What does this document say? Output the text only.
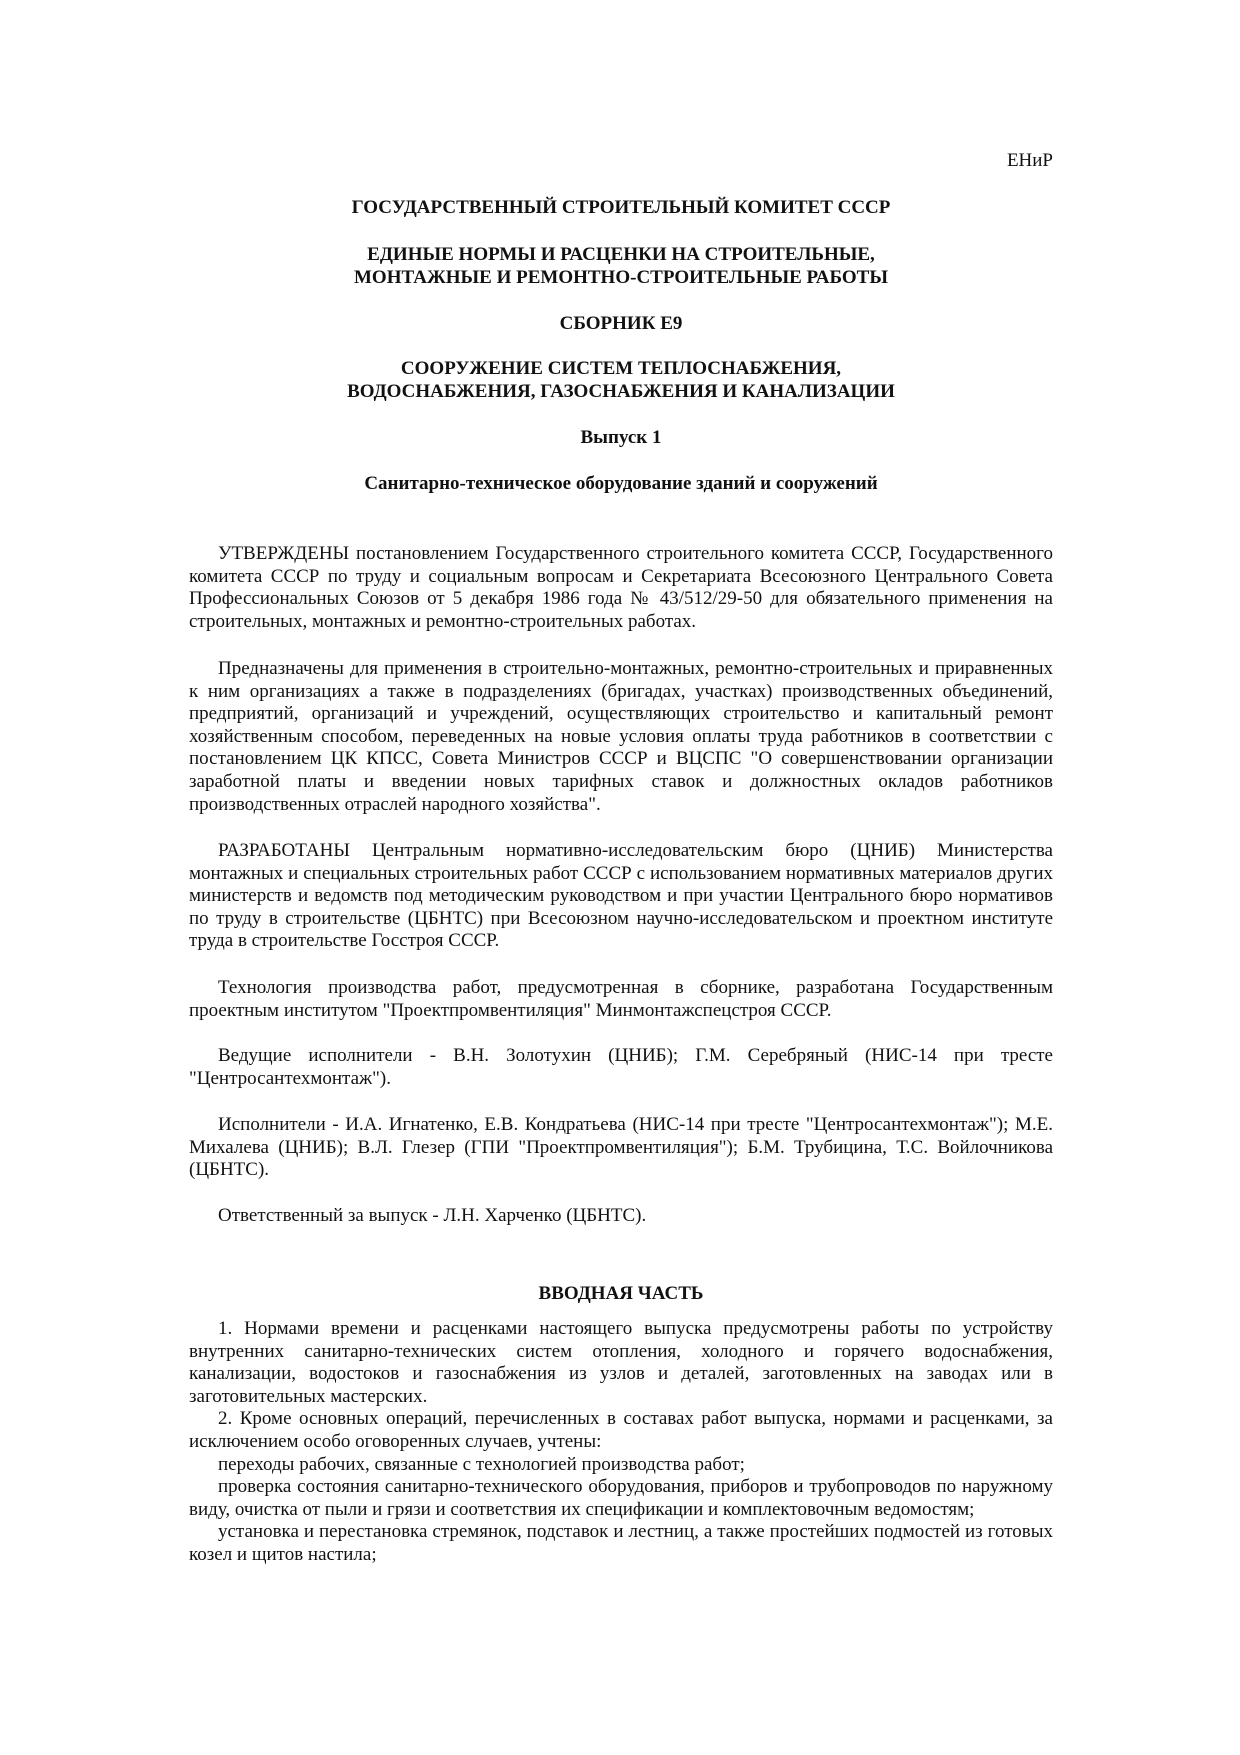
ЕНиР

ГОСУДАРСТВЕННЫЙ СТРОИТЕЛЬНЫЙ КОМИТЕТ СССР

ЕДИНЫЕ НОРМЫ И РАСЦЕНКИ НА СТРОИТЕЛЬНЫЕ,
МОНТАЖНЫЕ И РЕМОНТНО-СТРОИТЕЛЬНЫЕ РАБОТЫ

СБОРНИК Е9

СООРУЖЕНИЕ СИСТЕМ ТЕПЛОСНАБЖЕНИЯ,
ВОДОСНАБЖЕНИЯ, ГАЗОСНАБЖЕНИЯ И КАНАЛИЗАЦИИ

Выпуск 1

Санитарно-техническое оборудование зданий и сооружений

УТВЕРЖДЕНЫ постановлением Государственного строительного комитета СССР, Государственного комитета СССР по труду и социальным вопросам и Секретариата Всесоюзного Центрального Совета Профессиональных Союзов от 5 декабря 1986 года № 43/512/29-50 для обязательного применения на строительных, монтажных и ремонтно-строительных работах.

Предназначены для применения в строительно-монтажных, ремонтно-строительных и приравненных к ним организациях а также в подразделениях (бригадах, участках) производственных объединений, предприятий, организаций и учреждений, осуществляющих строительство и капитальный ремонт хозяйственным способом, переведенных на новые условия оплаты труда работников в соответствии с постановлением ЦК КПСС, Совета Министров СССР и ВЦСПС "О совершенствовании организации заработной платы и введении новых тарифных ставок и должностных окладов работников производственных отраслей народного хозяйства".

РАЗРАБОТАНЫ Центральным нормативно-исследовательским бюро (ЦНИБ) Министерства монтажных и специальных строительных работ СССР с использованием нормативных материалов других министерств и ведомств под методическим руководством и при участии Центрального бюро нормативов по труду в строительстве (ЦБНТС) при Всесоюзном научно-исследовательском и проектном институте труда в строительстве Госстроя СССР.

Технология производства работ, предусмотренная в сборнике, разработана Государственным проектным институтом "Проектпромвентиляция" Минмонтажспецстроя СССР.

Ведущие исполнители - В.Н. Золотухин (ЦНИБ); Г.М. Серебряный (НИС-14 при тресте "Центросантехмонтаж").

Исполнители - И.А. Игнатенко, Е.В. Кондратьева (НИС-14 при тресте "Центросантехмонтаж"); М.Е. Михалева (ЦНИБ); В.Л. Глезер (ГПИ "Проектпромвентиляция"); Б.М. Трубицина, Т.С. Войлочникова (ЦБНТС).

Ответственный за выпуск - Л.Н. Харченко (ЦБНТС).

ВВОДНАЯ ЧАСТЬ

1. Нормами времени и расценками настоящего выпуска предусмотрены работы по устройству внутренних санитарно-технических систем отопления, холодного и горячего водоснабжения, канализации, водостоков и газоснабжения из узлов и деталей, заготовленных на заводах или в заготовительных мастерских.

2. Кроме основных операций, перечисленных в составах работ выпуска, нормами и расценками, за исключением особо оговоренных случаев, учтены:

переходы рабочих, связанные с технологией производства работ;

проверка состояния санитарно-технического оборудования, приборов и трубопроводов по наружному виду, очистка от пыли и грязи и соответствия их спецификации и комплектовочным ведомостям;

установка и перестановка стремянок, подставок и лестниц, а также простейших подмостей из готовых козел и щитов настила;
